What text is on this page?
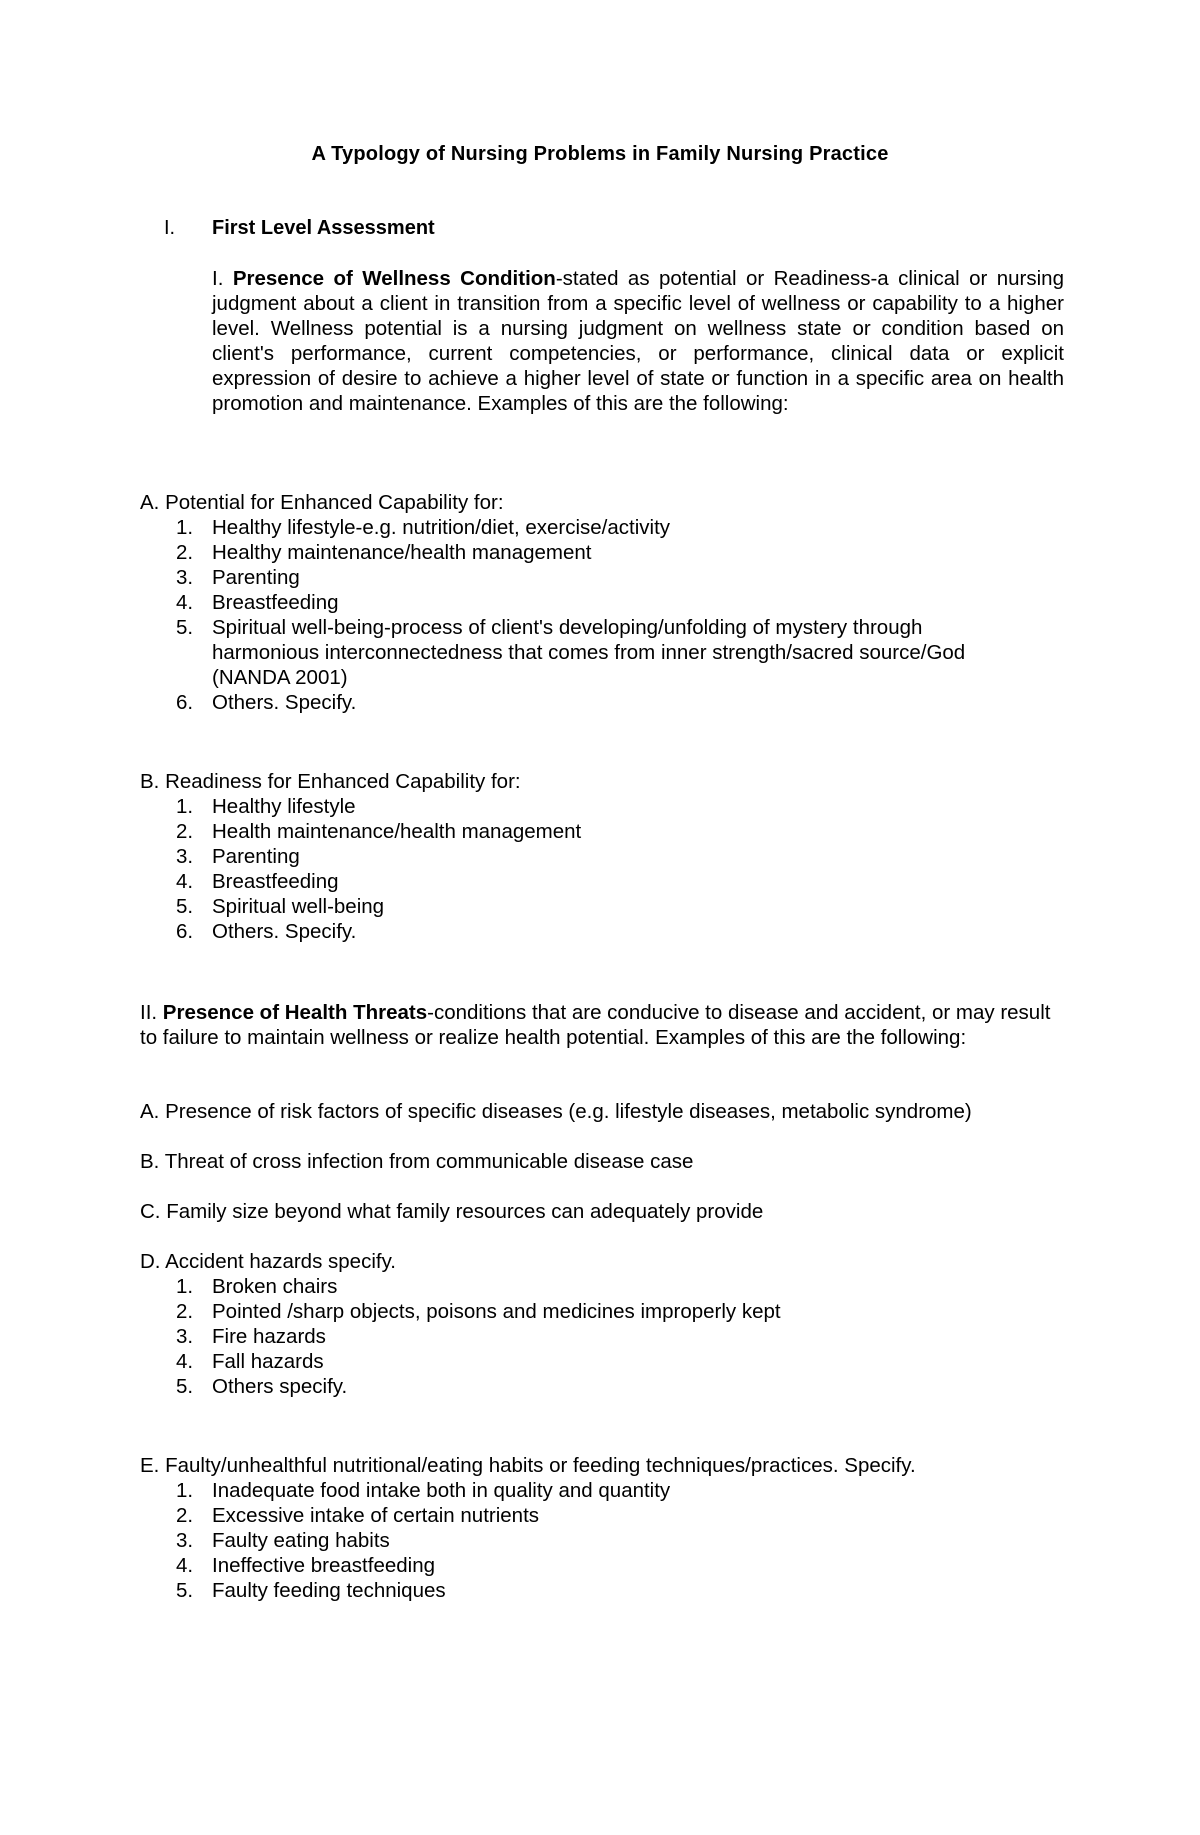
A Typology of Nursing Problems in Family Nursing Practice
I. First Level Assessment
I. Presence of Wellness Condition-stated as potential or Readiness-a clinical or nursing judgment about a client in transition from a specific level of wellness or capability to a higher level. Wellness potential is a nursing judgment on wellness state or condition based on client's performance, current competencies, or performance, clinical data or explicit expression of desire to achieve a higher level of state or function in a specific area on health promotion and maintenance. Examples of this are the following:

A. Potential for Enhanced Capability for:

1. Healthy lifestyle-e.g. nutrition/diet, exercise/activity
2. Healthy maintenance/health management
3. Parenting
4. Breastfeeding
5. Spiritual well-being-process of client's developing/unfolding of mystery through harmonious interconnectedness that comes from inner strength/sacred source/God (NANDA 2001)
6. Others. Specify.

B. Readiness for Enhanced Capability for:

1. Healthy lifestyle
2. Health maintenance/health management
3. Parenting
4. Breastfeeding
5. Spiritual well-being
6. Others. Specify.
II. Presence of Health Threats-conditions that are conducive to disease and accident, or may result to failure to maintain wellness or realize health potential. Examples of this are the following:
A. Presence of risk factors of specific diseases (e.g. lifestyle diseases, metabolic syndrome)
B. Threat of cross infection from communicable disease case
C. Family size beyond what family resources can adequately provide

D. Accident hazards specify.

1. Broken chairs
2. Pointed /sharp objects, poisons and medicines improperly kept
3. Fire hazards
4. Fall hazards
5. Others specify.

E. Faulty/unhealthful nutritional/eating habits or feeding techniques/practices. Specify.

1. Inadequate food intake both in quality and quantity
2. Excessive intake of certain nutrients
3. Faulty eating habits
4. Ineffective breastfeeding
5. Faulty feeding techniques
